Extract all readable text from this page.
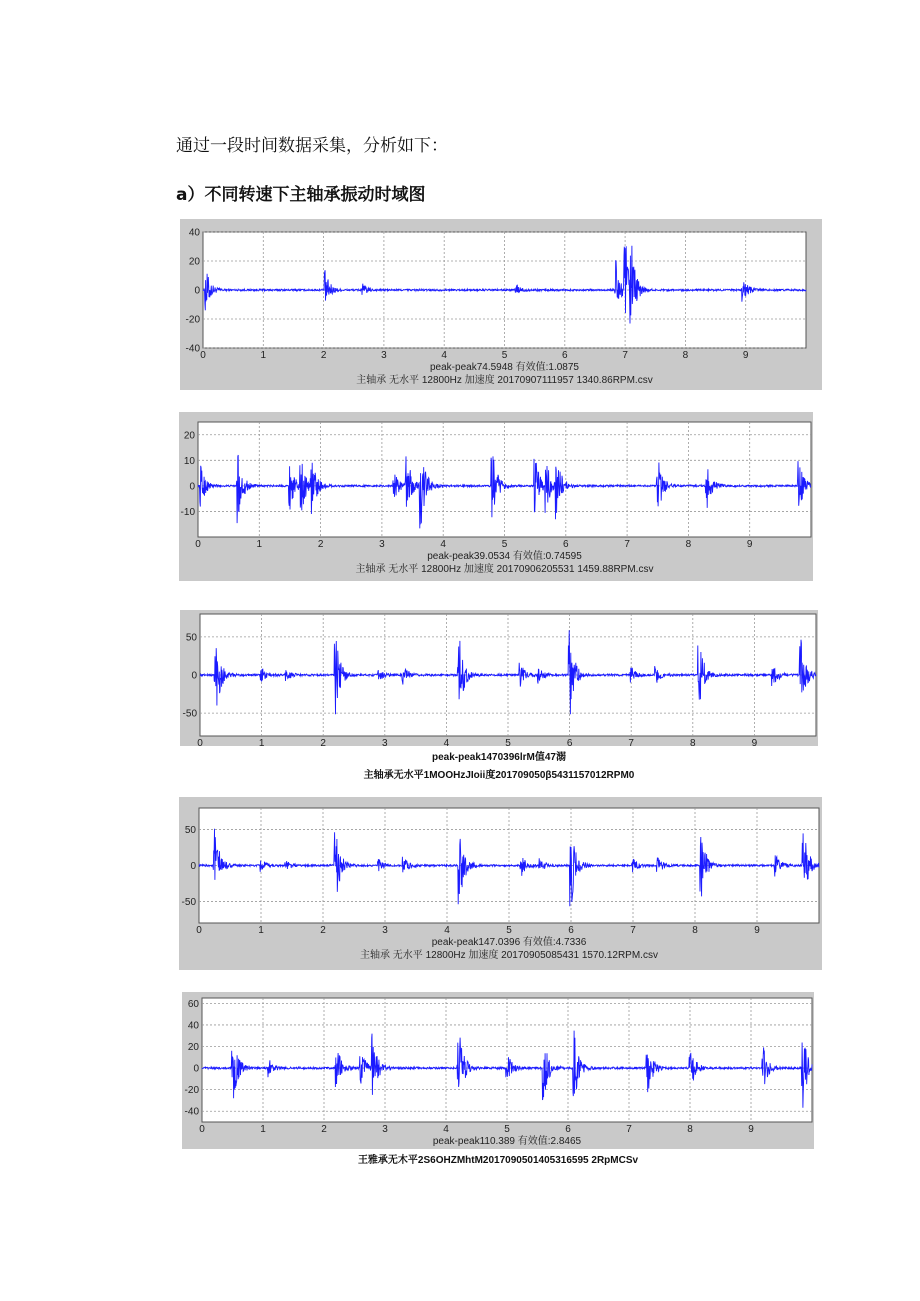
通过一段时间数据采集，分析如下：
a）不同转速下主轴承振动时域图
0	1	2	3	4	5	6	7	8	9
40
20
0
-20
-40
peak-peak74.5948 有效值:1.0875
主轴承 无水平 12800Hz 加速度 20170907111957 1340.86RPM.csv
0	1	2	3	4	5	6	7	8	9
20
10
0
-10
peak-peak39.0534 有效值:0.74595
主轴承 无水平 12800Hz 加速度 20170906205531 1459.88RPM.csv
0	1	2	3	4	5	6	7	8	9
50
0
-50
peak-peak1470396lrM值47溺
主轴承无水平1MOOHzJIoii度201709050β5431157012RPM0
0	1	2	3	4	5	6	7	8	9
50
0
-50
peak-peak147.0396 有效值:4.7336
主轴承 无水平 12800Hz 加速度 20170905085431 1570.12RPM.csv
0	1	2	3	4	5	6	7	8	9
60
40
20
0
-20
-40
peak-peak110.389 有效值:2.8465
王雅承无木平2S6OHZMhtM2017090501405316595 2RpMCSv
